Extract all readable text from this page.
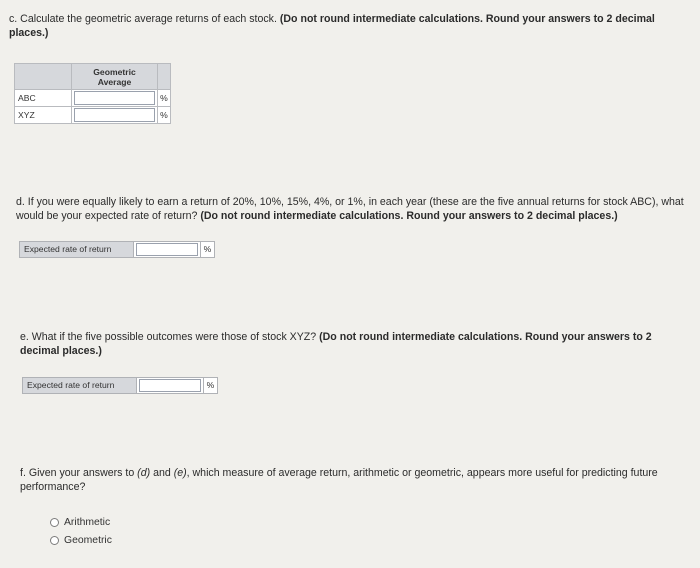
c. Calculate the geometric average returns of each stock. (Do not round intermediate calculations. Round your answers to 2 decimal places.)
	Geometric
Average	
ABC		%
XYZ		%
d. If you were equally likely to earn a return of 20%, 10%, 15%, 4%, or 1%, in each year (these are the five annual returns for stock ABC), what would be your expected rate of return? (Do not round intermediate calculations. Round your answers to 2 decimal places.)
Expected rate of return	%
e. What if the five possible outcomes were those of stock XYZ? (Do not round intermediate calculations. Round your answers to 2 decimal places.)
Expected rate of return	%
f. Given your answers to (d) and (e), which measure of average return, arithmetic or geometric, appears more useful for predicting future performance?
Arithmetic
Geometric
